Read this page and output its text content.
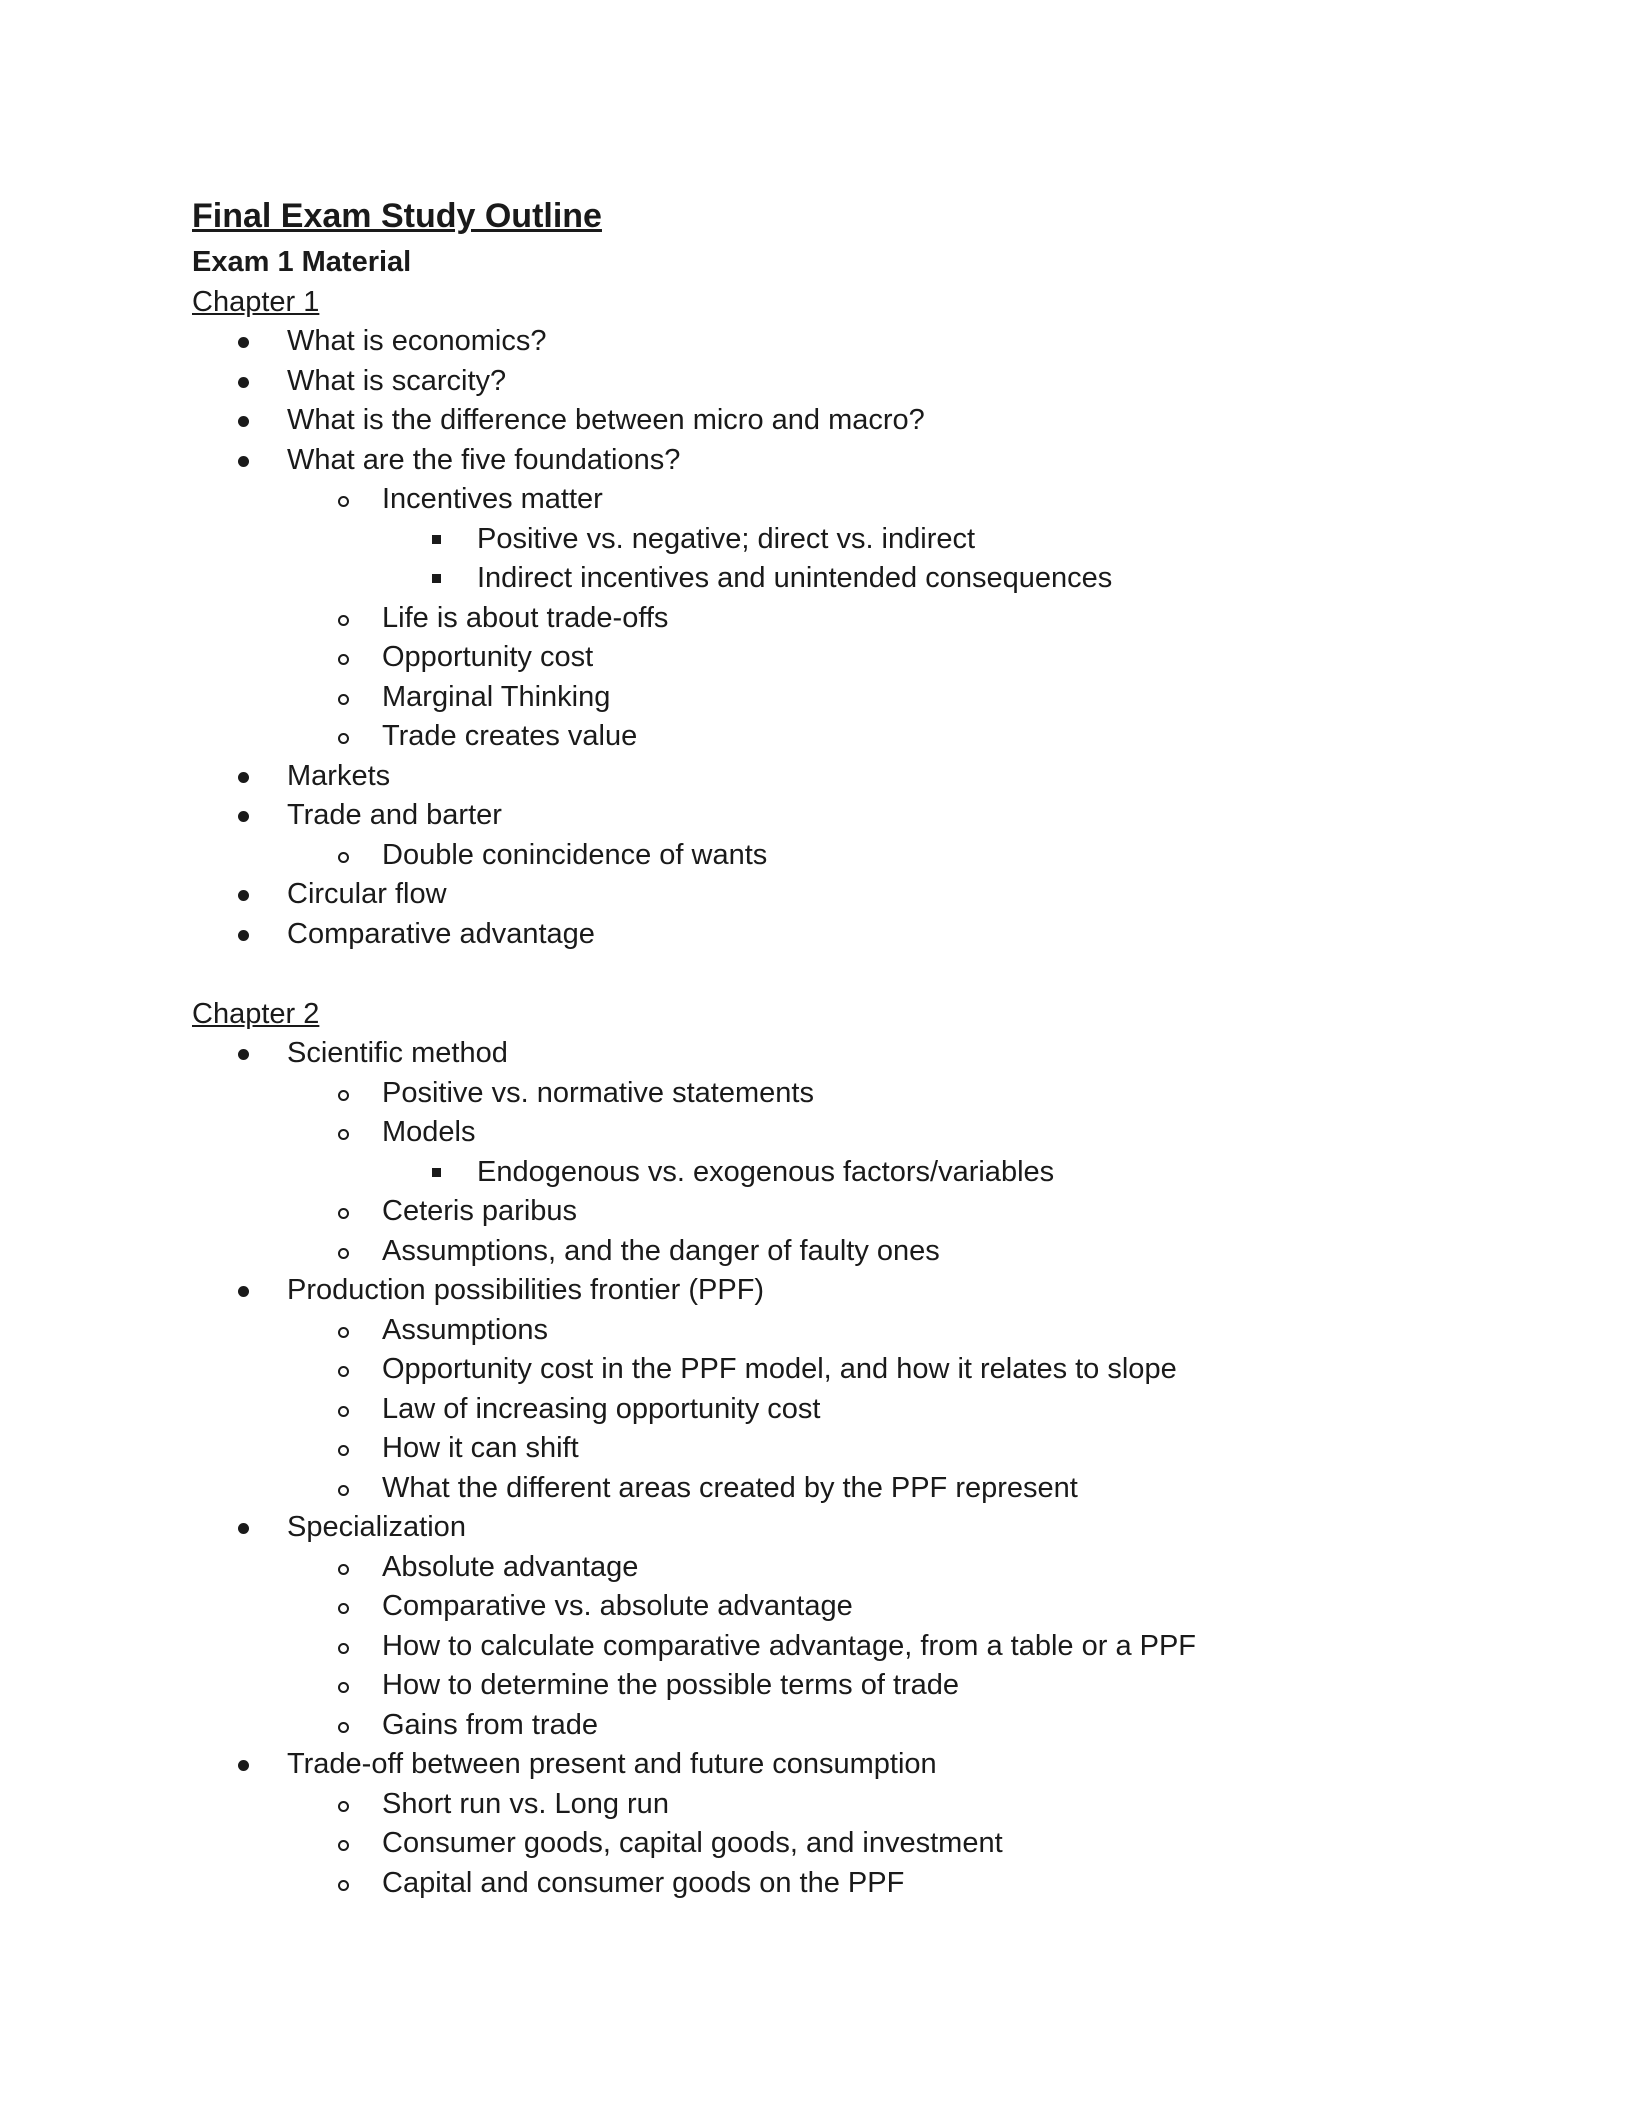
Final Exam Study Outline
Exam 1 Material
Chapter 1
What is economics?
What is scarcity?
What is the difference between micro and macro?
What are the five foundations?
Incentives matter
Positive vs. negative; direct vs. indirect
Indirect incentives and unintended consequences
Life is about trade-offs
Opportunity cost
Marginal Thinking
Trade creates value
Markets
Trade and barter
Double conincidence of wants
Circular flow
Comparative advantage
Chapter 2
Scientific method
Positive vs. normative statements
Models
Endogenous vs. exogenous factors/variables
Ceteris paribus
Assumptions, and the danger of faulty ones
Production possibilities frontier (PPF)
Assumptions
Opportunity cost in the PPF model, and how it relates to slope
Law of increasing opportunity cost
How it can shift
What the different areas created by the PPF represent
Specialization
Absolute advantage
Comparative vs. absolute advantage
How to calculate comparative advantage, from a table or a PPF
How to determine the possible terms of trade
Gains from trade
Trade-off between present and future consumption
Short run vs. Long run
Consumer goods, capital goods, and investment
Capital and consumer goods on the PPF
